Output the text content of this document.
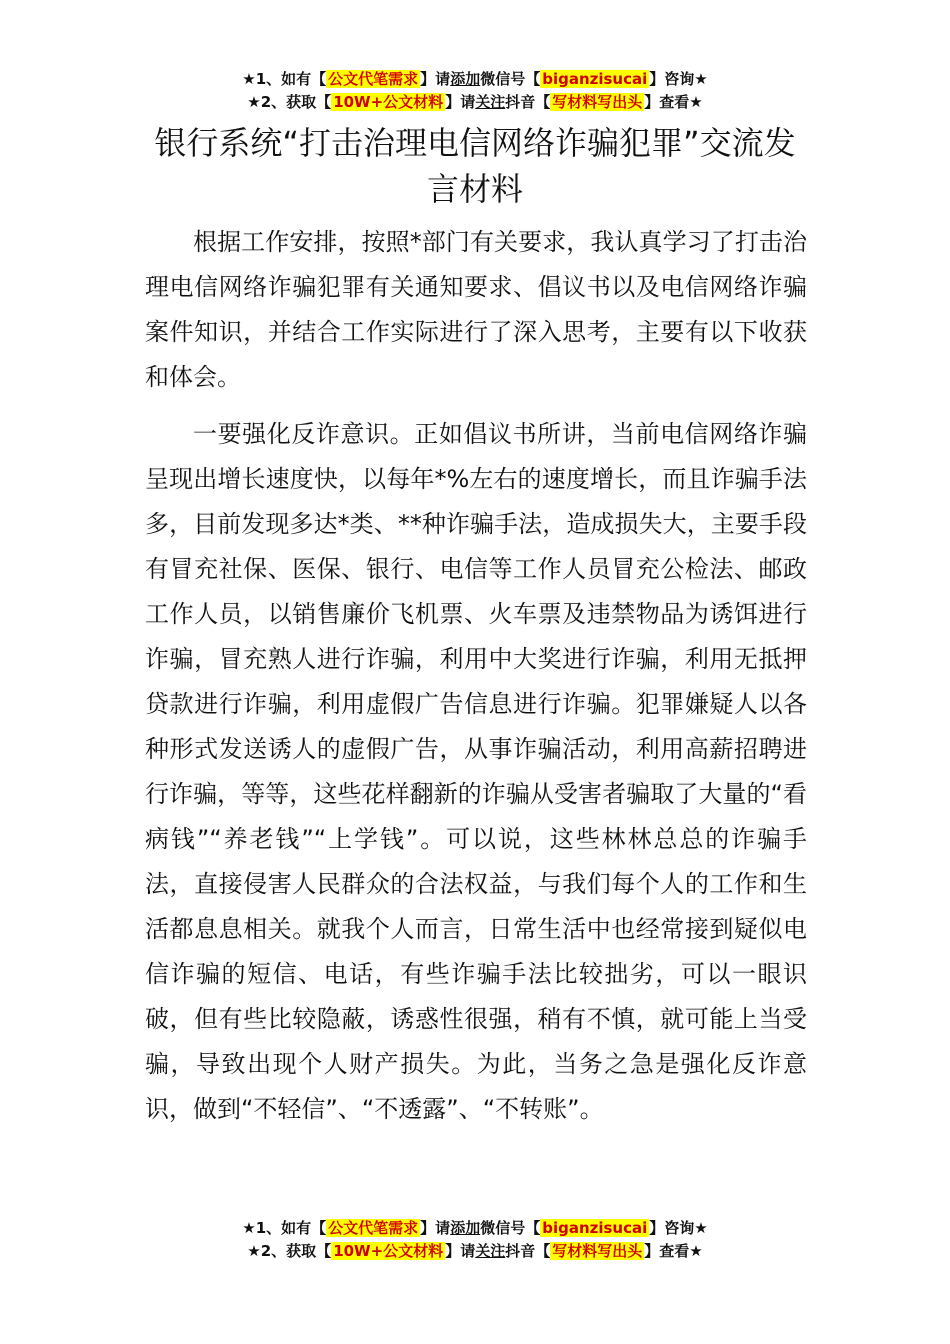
★1、如有【 公文代笔需求 】请添加微信号【 biganzisucai 】咨询★
★2、获取【 10W+公文材料 】请关注抖音【 写材料写出头 】查看★
银行系统“打击治理电信网络诈骗犯罪”交流发言材料

根据工作安排，按照*部门有关要求，我认真学习了打击治理电信网络诈骗犯罪有关通知要求、倡议书以及电信网络诈骗案件知识，并结合工作实际进行了深入思考，主要有以下收获和体会。

一要强化反诈意识。正如倡议书所讲，当前电信网络诈骗呈现出增长速度快，以每年*%左右的速度增长，而且诈骗手法多，目前发现多达*类、**种诈骗手法，造成损失大，主要手段有冒充社保、医保、银行、电信等工作人员冒充公检法、邮政工作人员，以销售廉价飞机票、火车票及违禁物品为诱饵进行诈骗，冒充熟人进行诈骗，利用中大奖进行诈骗，利用无抵押贷款进行诈骗，利用虚假广告信息进行诈骗。犯罪嫌疑人以各种形式发送诱人的虚假广告，从事诈骗活动，利用高薪招聘进行诈骗，等等，这些花样翻新的诈骗从受害者骗取了大量的“看病钱”“养老钱”“上学钱”。可以说，这些林林总总的诈骗手法，直接侵害人民群众的合法权益，与我们每个人的工作和生活都息息相关。就我个人而言，日常生活中也经常接到疑似电信诈骗的短信、电话，有些诈骗手法比较拙劣，可以一眼识破，但有些比较隐蔽，诱惑性很强，稍有不慎，就可能上当受骗，导致出现个人财产损失。为此，当务之急是强化反诈意识，做到“不轻信”、“不透露”、“不转账”。

★1、如有【 公文代笔需求 】请添加微信号【 biganzisucai 】咨询★
★2、获取【 10W+公文材料 】请关注抖音【 写材料写出头 】查看★
